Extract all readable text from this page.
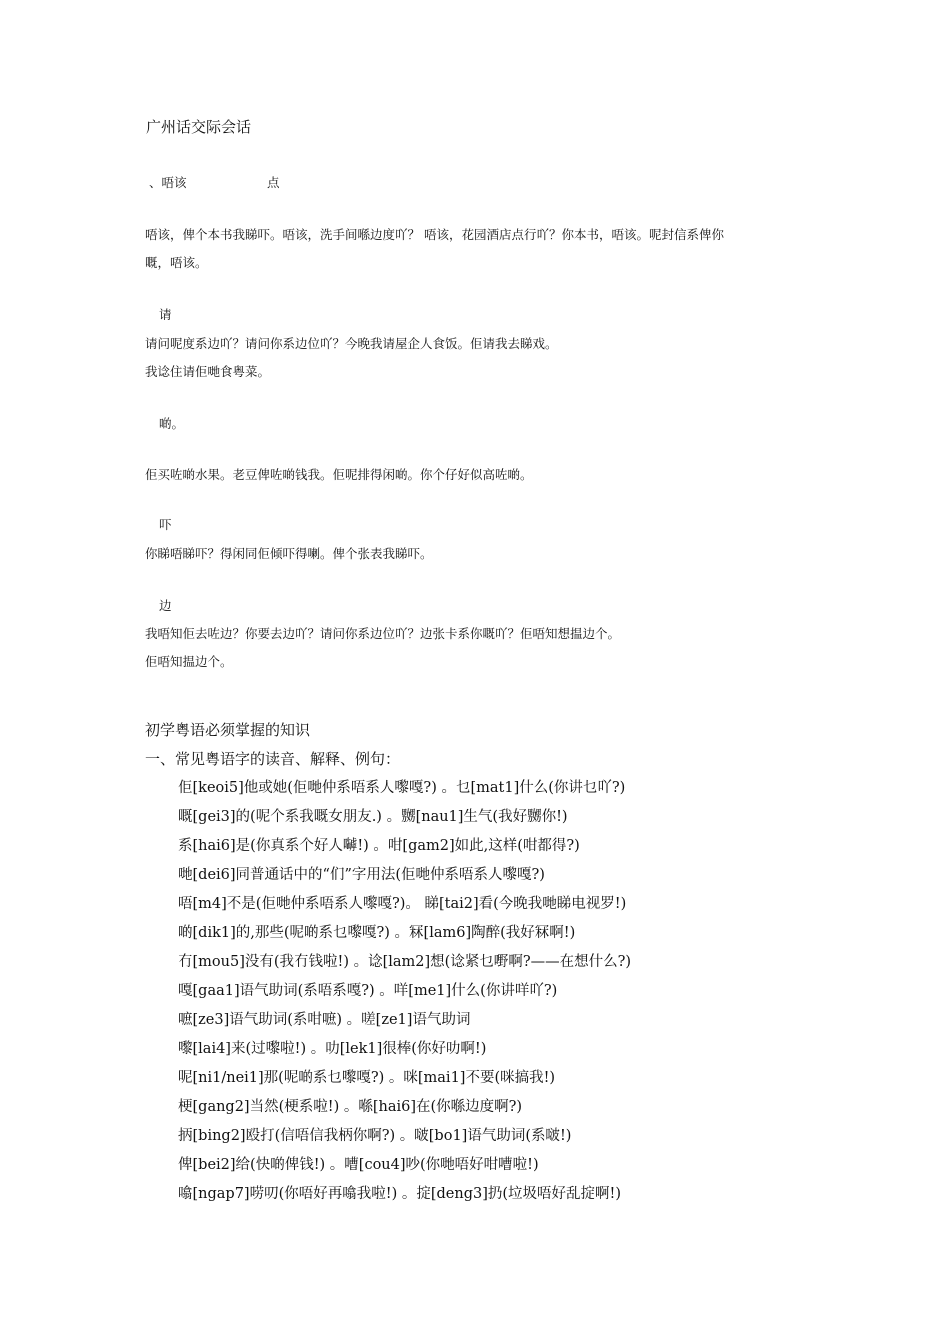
广州话交际会话
、唔该	点
唔该，俾个本书我睇吓。唔该，洗手间喺边度吖？ 唔该，花园酒店点行吖？你本书，唔该。呢封信系俾你
嘅，唔该。
请
请问呢度系边吖？请问你系边位吖？今晚我请屋企人食饭。佢请我去睇戏。
我谂住请佢哋食粤菜。
啲。
佢买咗啲水果。老豆俾咗啲钱我。佢呢排得闲啲。你个仔好似高咗啲。
吓
你睇唔睇吓？得闲同佢倾吓得喇。俾个张表我睇吓。
边
我唔知佢去咗边？你要去边吖？请问你系边位吖？边张卡系你嘅吖？佢唔知想揾边个。
佢唔知揾边个。
初学粤语必须掌握的知识
一、常见粤语字的读音、解释、例句：
佢[keoi5]他或她(佢哋仲系唔系人嚟嘎?) 。乜[mat1]什么(你讲乜吖?)
嘅[gei3]的(呢个系我嘅女朋友.) 。嬲[nau1]生气(我好嬲你!)
系[hai6]是(你真系个好人嚹!) 。咁[gam2]如此,这样(咁都得?)
哋[dei6]同普通话中的“们”字用法(佢哋仲系唔系人嚟嘎?)
唔[m4]不是(佢哋仲系唔系人嚟嘎?)。 睇[tai2]看(今晚我哋睇电视罗!)
啲[dik1]的,那些(呢啲系乜嚟嘎?) 。冧[lam6]陶醉(我好冧啊!)
冇[mou5]没有(我冇钱啦!) 。谂[lam2]想(谂紧乜嘢啊?——在想什么?)
嘎[gaa1]语气助词(系唔系嘎?) 。咩[me1]什么(你讲咩吖?)
嗻[ze3]语气助词(系咁嗻) 。嗟[ze1]语气助词
嚟[lai4]来(过嚟啦!) 。叻[lek1]很棒(你好叻啊!)
呢[ni1/nei1]那(呢啲系乜嚟嘎?) 。咪[mai1]不要(咪搞我!)
梗[gang2]当然(梗系啦!) 。喺[hai6]在(你喺边度啊?)
抦[bing2]殴打(信唔信我柄你啊?) 。啵[bo1]语气助词(系啵!)
俾[bei2]给(快啲俾钱!) 。嘈[cou4]吵(你哋唔好咁嘈啦!)
噏[ngap7]唠叨(你唔好再噏我啦!) 。掟[deng3]扔(垃圾唔好乱掟啊!)
